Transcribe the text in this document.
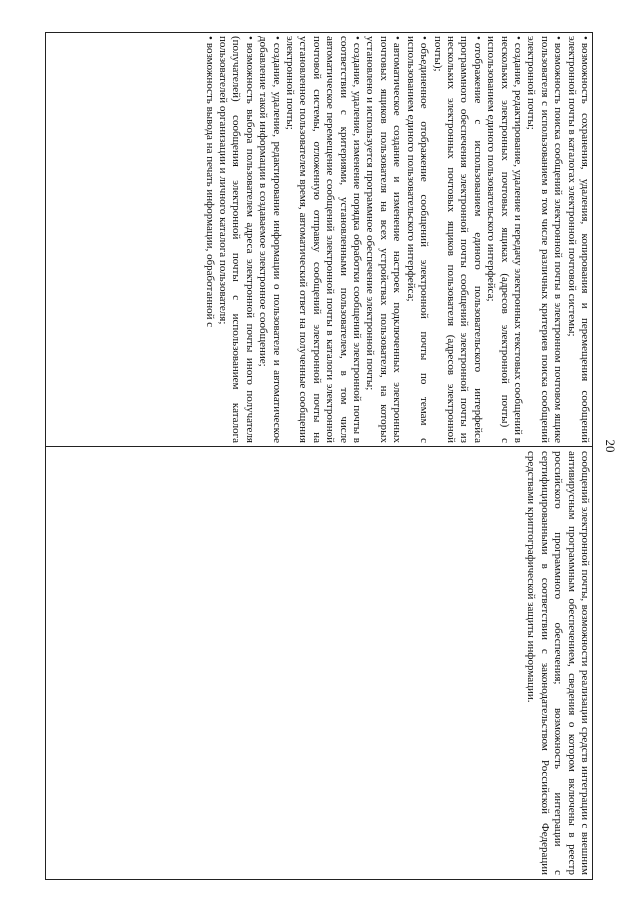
20
•возможность сохранения, удаления, копирования и перемещения сообщений электронной почты в каталогах электронной почтовой системы;
•возможность поиска сообщений электронной почты в электронном почтовом ящике пользователя с использованием в том числе различных критериев поиска сообщений электронной почты;
•создание, редактирование, удаление и передачу электронных текстовых сообщений в нескольких электронных почтовых ящиках (адресов электронной почты) с использованием единого пользовательского интерфейса;
•отображение с использованием единого пользовательского интерфейса программного обеспечения электронной почты сообщений электронной почты из нескольких электронных почтовых ящиков пользователя (адресов электронной почты);
•объединенное отображение сообщений электронной почты по темам с использованием единого пользовательского интерфейса;
•автоматическое создание и изменение настроек подключенных электронных почтовых ящиков пользователя на всех устройствах пользователя, на которых установлено и используется программное обеспечение электронной почты;
•создание, удаление, изменение порядка обработки сообщений электронной почты в соответствии с критериями, установленными пользователем, в том числе автоматическое перемещение сообщений электронной почты в каталоги электронной почтовой системы, отложенную отправку сообщений электронной почты на установленное пользователем время, автоматический ответ на полученные сообщения электронной почты;
•создание, удаление, редактирование информации о пользователе и автоматическое добавление такой информации в создаваемое электронное сообщение;
•возможность выбора пользователем адреса электронной почты иного получателя (получателей) сообщения электронной почты с использованием каталога пользователей организации и личного каталога пользователя;
•возможность вывода на печать информации, обработанной с

сообщений электронной почты, возможности реализации средств интеграции с внешним антивирусным программным обеспечением, сведения о котором включены в реестр российского программного обеспечения; возможность интеграции с сертифицированными в соответствии с законодательством Российской Федерации средствами криптографической защиты информации.
